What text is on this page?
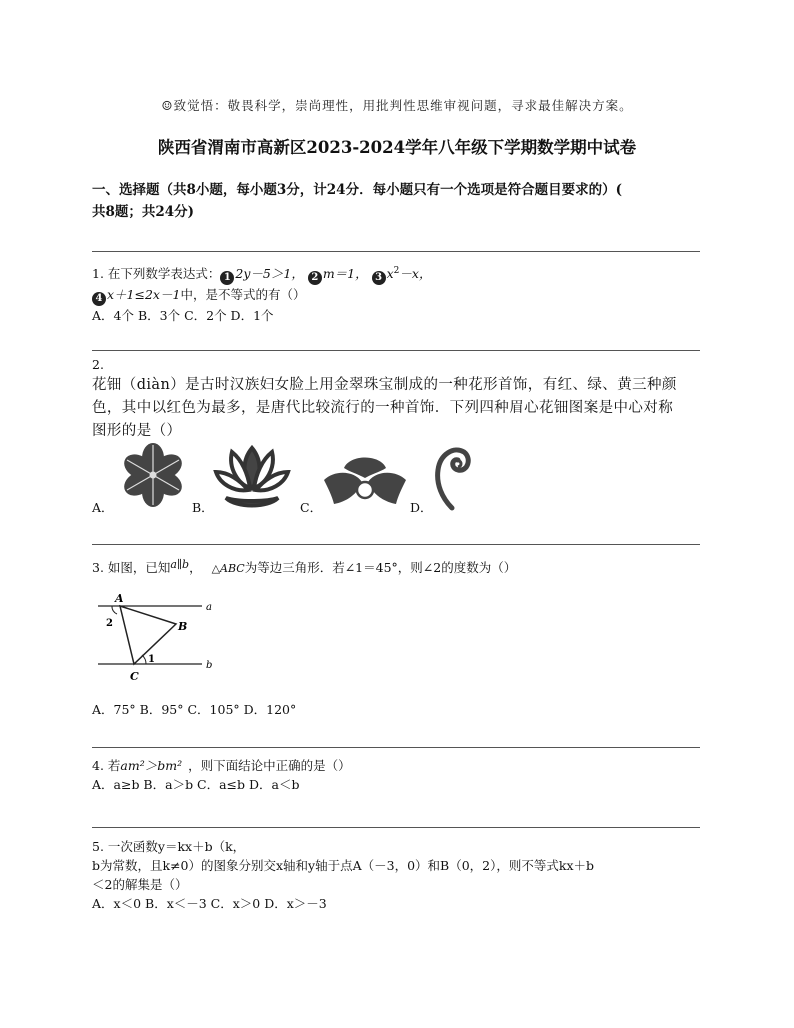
☺致觉悟：敬畏科学，崇尚理性，用批判性思维审视问题，寻求最佳解决方案。
陕西省渭南市高新区2023-2024学年八年级下学期数学期中试卷
一、选择题（共8小题，每小题3分，计24分．每小题只有一个选项是符合题目要求的）(
共8题；共24分)

1. 在下列数学表达式： 1 2y－5＞1， 2 m＝1， 3 $x^2-x$，

4 x＋1≤2x－1中，是不等式的有（）

A．4个 B．3个 C．2个 D．1个

2.

花钿（diàn）是古时汉族妇女脸上用金翠珠宝制成的一种花形首饰，有红、绿、黄三种颜

色，其中以红色为最多，是唐代比较流行的一种首饰．下列四种眉心花钿图案是中心对称

图形的是（）

A．	B．	C．	D．

3. 如图，已知a∥b， △ABC为等边三角形．若∠1＝45°，则∠2的度数为（）

A
B
C
a
b
1
2
A．75° B．95° C．105° D．120°

4. 若am²＞bm² ，则下面结论中正确的是（）

A．a≥b B．a＞b C．a≤b D．a＜b

5. 一次函数y＝kx＋b（k，

b为常数，且k≠0）的图象分别交x轴和y轴于点A（－3，0）和B（0，2），则不等式kx＋b

＜2的解集是（）

A．x＜0 B．x＜－3 C．x＞0 D．x＞－3
